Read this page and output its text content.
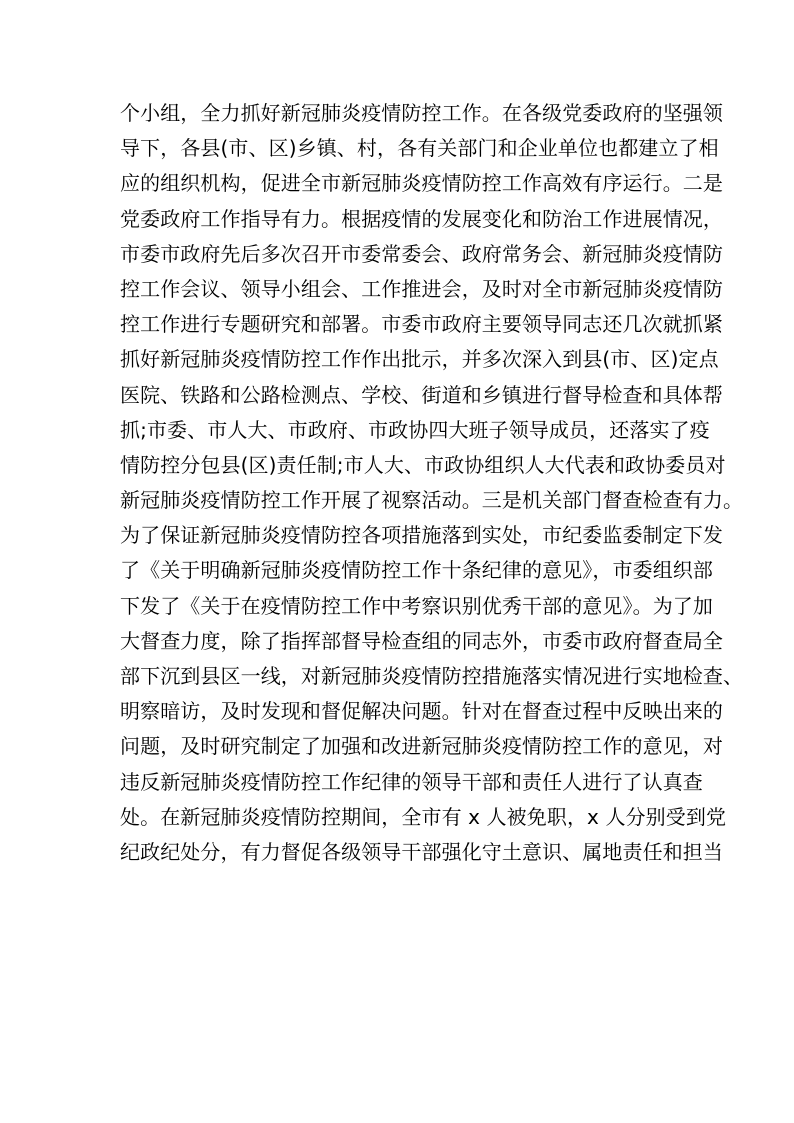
个小组，全力抓好新冠肺炎疫情防控工作。在各级党委政府的坚强领
导下，各县(市、区)乡镇、村，各有关部门和企业单位也都建立了相
应的组织机构，促进全市新冠肺炎疫情防控工作高效有序运行。二是
党委政府工作指导有力。根据疫情的发展变化和防治工作进展情况，
市委市政府先后多次召开市委常委会、政府常务会、新冠肺炎疫情防
控工作会议、领导小组会、工作推进会，及时对全市新冠肺炎疫情防
控工作进行专题研究和部署。市委市政府主要领导同志还几次就抓紧
抓好新冠肺炎疫情防控工作作出批示，并多次深入到县(市、区)定点
医院、铁路和公路检测点、学校、街道和乡镇进行督导检查和具体帮
抓;市委、市人大、市政府、市政协四大班子领导成员，还落实了疫
情防控分包县(区)责任制;市人大、市政协组织人大代表和政协委员对
新冠肺炎疫情防控工作开展了视察活动。三是机关部门督查检查有力。
为了保证新冠肺炎疫情防控各项措施落到实处，市纪委监委制定下发
了《关于明确新冠肺炎疫情防控工作十条纪律的意见》，市委组织部
下发了《关于在疫情防控工作中考察识别优秀干部的意见》。为了加
大督查力度，除了指挥部督导检查组的同志外，市委市政府督查局全
部下沉到县区一线，对新冠肺炎疫情防控措施落实情况进行实地检查、
明察暗访，及时发现和督促解决问题。针对在督查过程中反映出来的
问题，及时研究制定了加强和改进新冠肺炎疫情防控工作的意见，对
违反新冠肺炎疫情防控工作纪律的领导干部和责任人进行了认真查
处。在新冠肺炎疫情防控期间，全市有 x 人被免职，x 人分别受到党
纪政纪处分，有力督促各级领导干部强化守土意识、属地责任和担当
